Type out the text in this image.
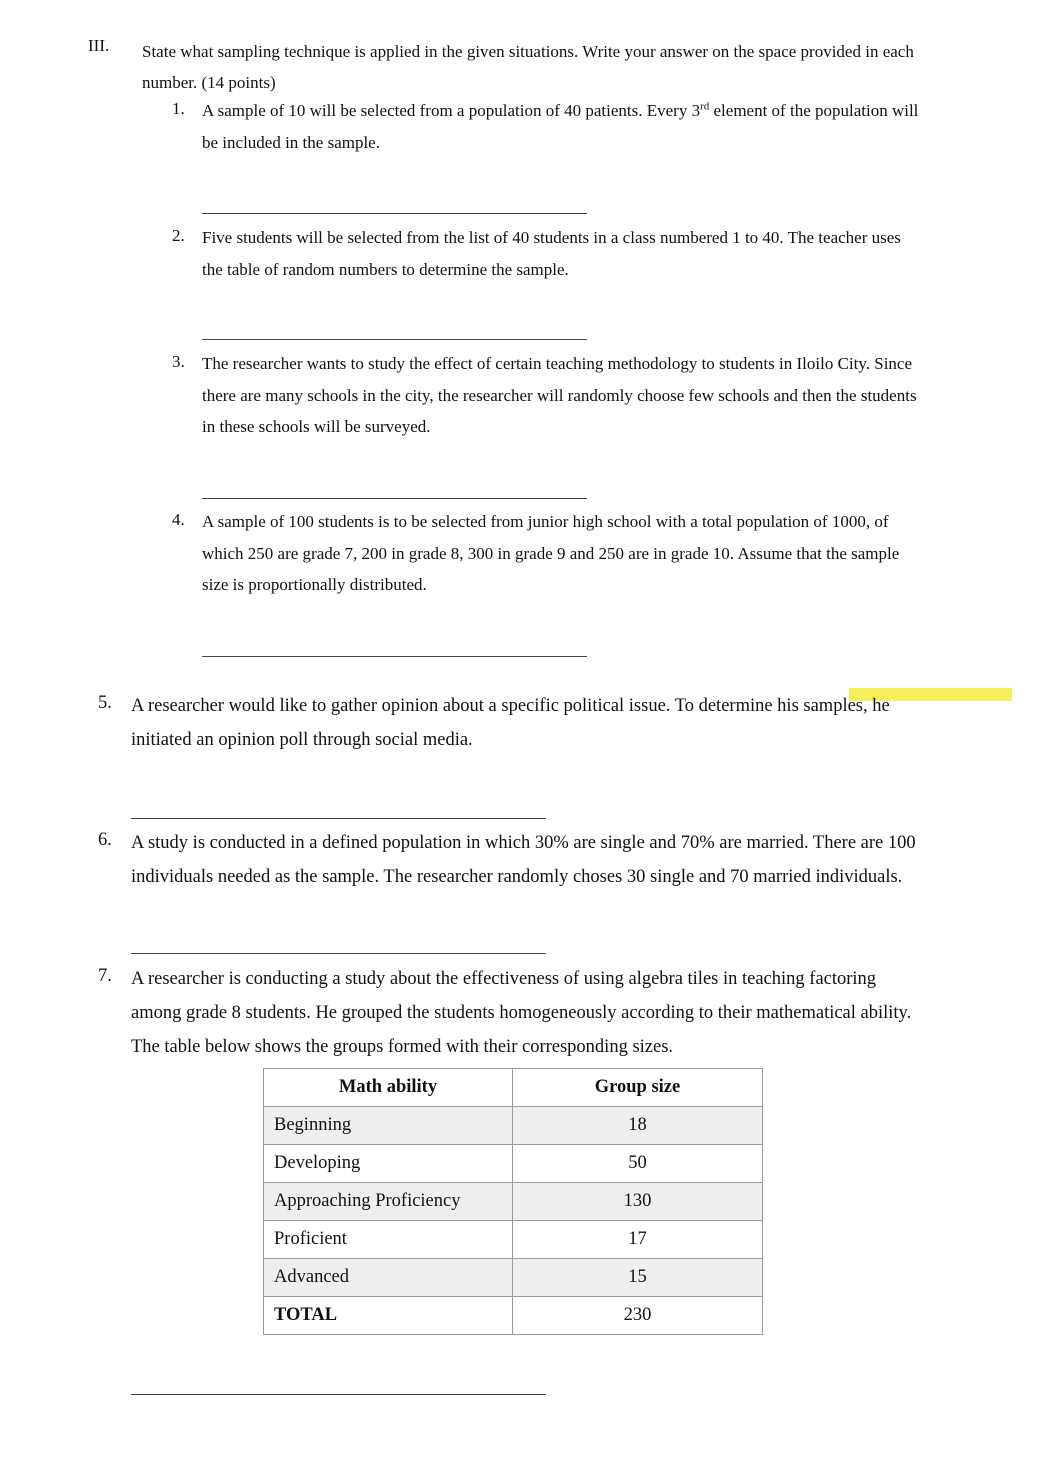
III. State what sampling technique is applied in the given situations. Write your answer on the space provided in each
number. (14 points)
1. A sample of 10 will be selected from a population of 40 patients. Every 3rd element of the population will
be included in the sample.
2. Five students will be selected from the list of 40 students in a class numbered 1 to 40. The teacher uses
the table of random numbers to determine the sample.
3. The researcher wants to study the effect of certain teaching methodology to students in Iloilo City. Since
there are many schools in the city, the researcher will randomly choose few schools and then the students
in these schools will be surveyed.
4. A sample of 100 students is to be selected from junior high school with a total population of 1000, of
which 250 are grade 7, 200 in grade 8, 300 in grade 9 and 250 are in grade 10. Assume that the sample
size is proportionally distributed.
5. A researcher would like to gather opinion about a specific political issue. To determine his samples, he
initiated an opinion poll through social media.
6. A study is conducted in a defined population in which 30% are single and 70% are married. There are 100
individuals needed as the sample. The researcher randomly choses 30 single and 70 married individuals.
7. A researcher is conducting a study about the effectiveness of using algebra tiles in teaching factoring
among grade 8 students. He grouped the students homogeneously according to their mathematical ability.
The table below shows the groups formed with their corresponding sizes.
Math ability	Group size
Beginning	18
Developing	50
Approaching Proficiency	130
Proficient	17
Advanced	15
TOTAL	230
